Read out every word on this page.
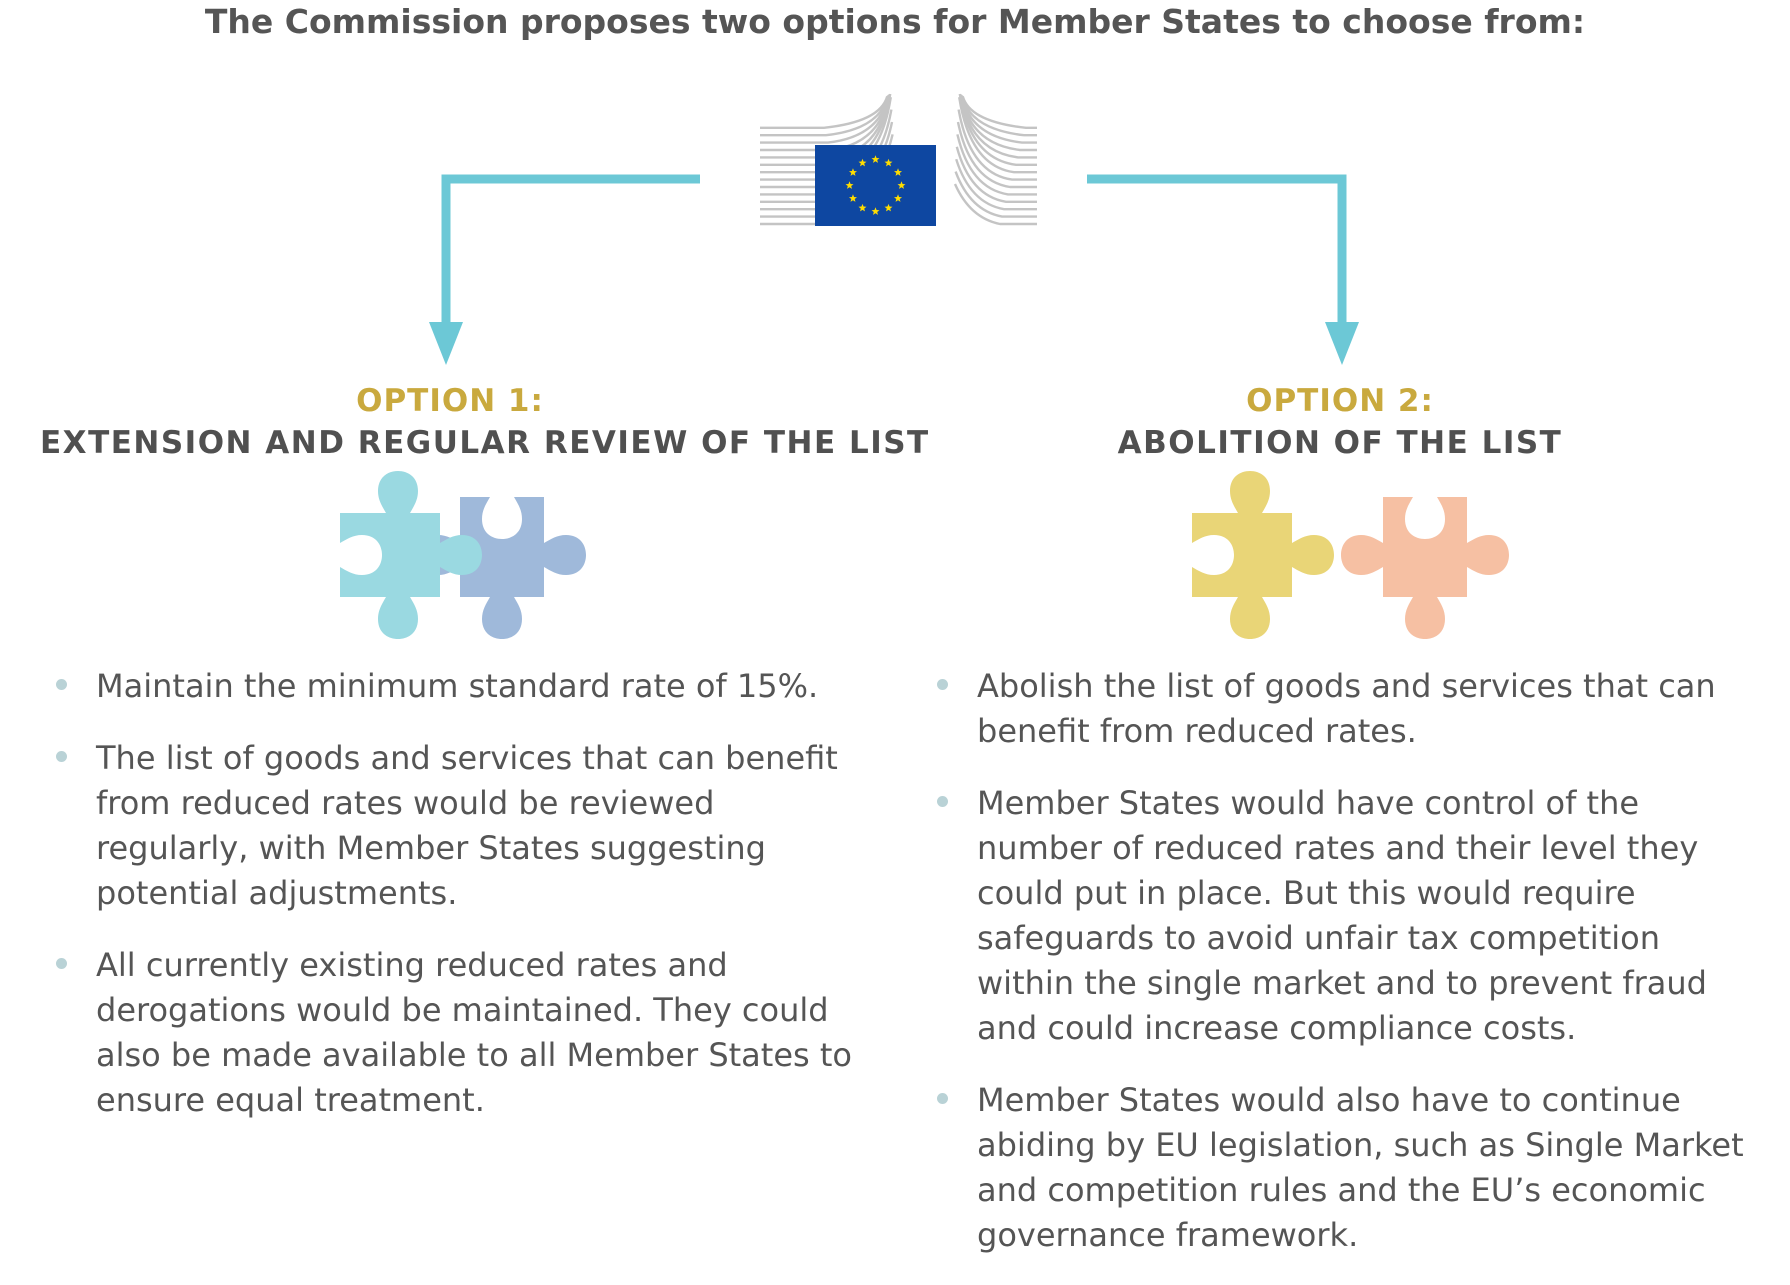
The Commission proposes two options for Member States to choose from:
OPTION 1:
EXTENSION AND REGULAR REVIEW OF THE LIST
OPTION 2:
ABOLITION OF THE LIST
Maintain the minimum standard rate of 15%.
The list of goods and services that can benefit from reduced rates would be reviewed regularly, with Member States suggesting potential adjustments.
All currently existing reduced rates and derogations would be maintained. They could also be made available to all Member States to ensure equal treatment.
Abolish the list of goods and services that can benefit from reduced rates.
Member States would have control of the number of reduced rates and their level they could put in place. But this would require safeguards to avoid unfair tax competition within the single market and to prevent fraud and could increase compliance costs.
Member States would also have to continue abiding by EU legislation, such as Single Market and competition rules and the EU’s economic governance framework.
